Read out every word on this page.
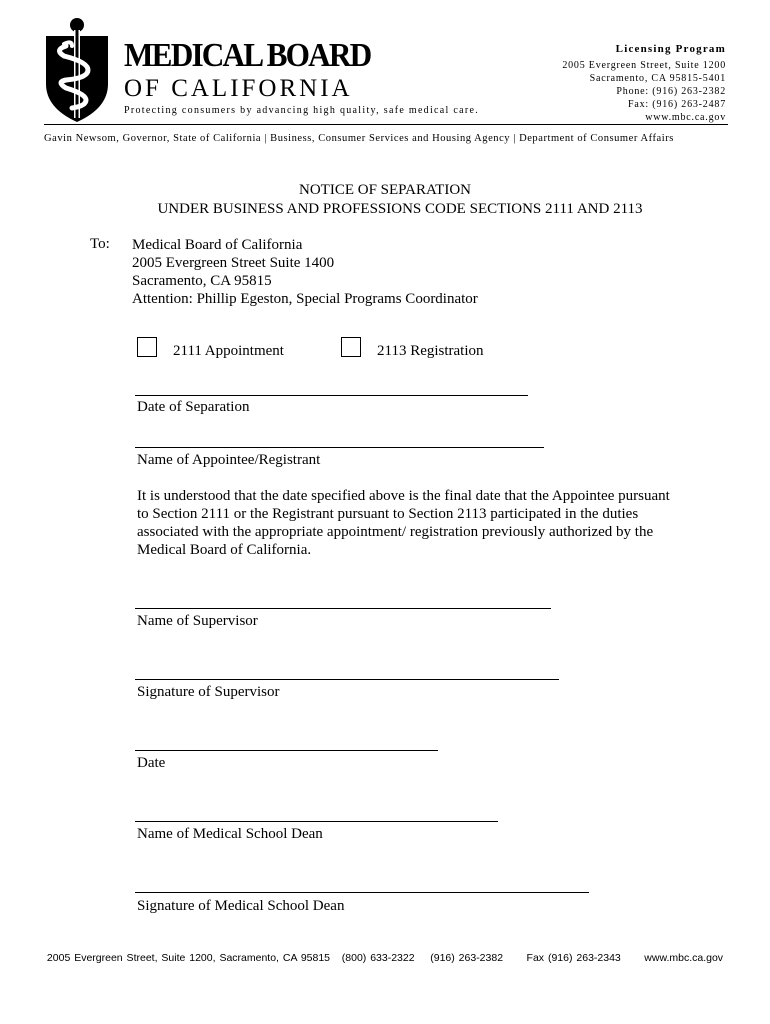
MEDICAL BOARD
OF CALIFORNIA
Protecting consumers by advancing high quality, safe medical care.
Licensing Program
2005 Evergreen Street, Suite 1200
Sacramento, CA 95815-5401
Phone: (916) 263-2382
Fax: (916) 263-2487
www.mbc.ca.gov
Gavin Newsom, Governor, State of California | Business, Consumer Services and Housing Agency | Department of Consumer Affairs
NOTICE OF SEPARATION
UNDER BUSINESS AND PROFESSIONS CODE SECTIONS 2111 AND 2113
To: Medical Board of California
2005 Evergreen Street Suite 1400
Sacramento, CA 95815
Attention: Phillip Egeston, Special Programs Coordinator
2111 Appointment	2113 Registration
Date of Separation
Name of Appointee/Registrant
It is understood that the date specified above is the final date that the Appointee pursuant
to Section 2111 or the Registrant pursuant to Section 2113 participated in the duties
associated with the appropriate appointment/ registration previously authorized by the
Medical Board of California.
Name of Supervisor
Signature of Supervisor
Date
Name of Medical School Dean
Signature of Medical School Dean
2005 Evergreen Street, Suite 1200, Sacramento, CA 95815   (800) 633-2322    (916) 263-2382      Fax (916) 263-2343      www.mbc.ca.gov
